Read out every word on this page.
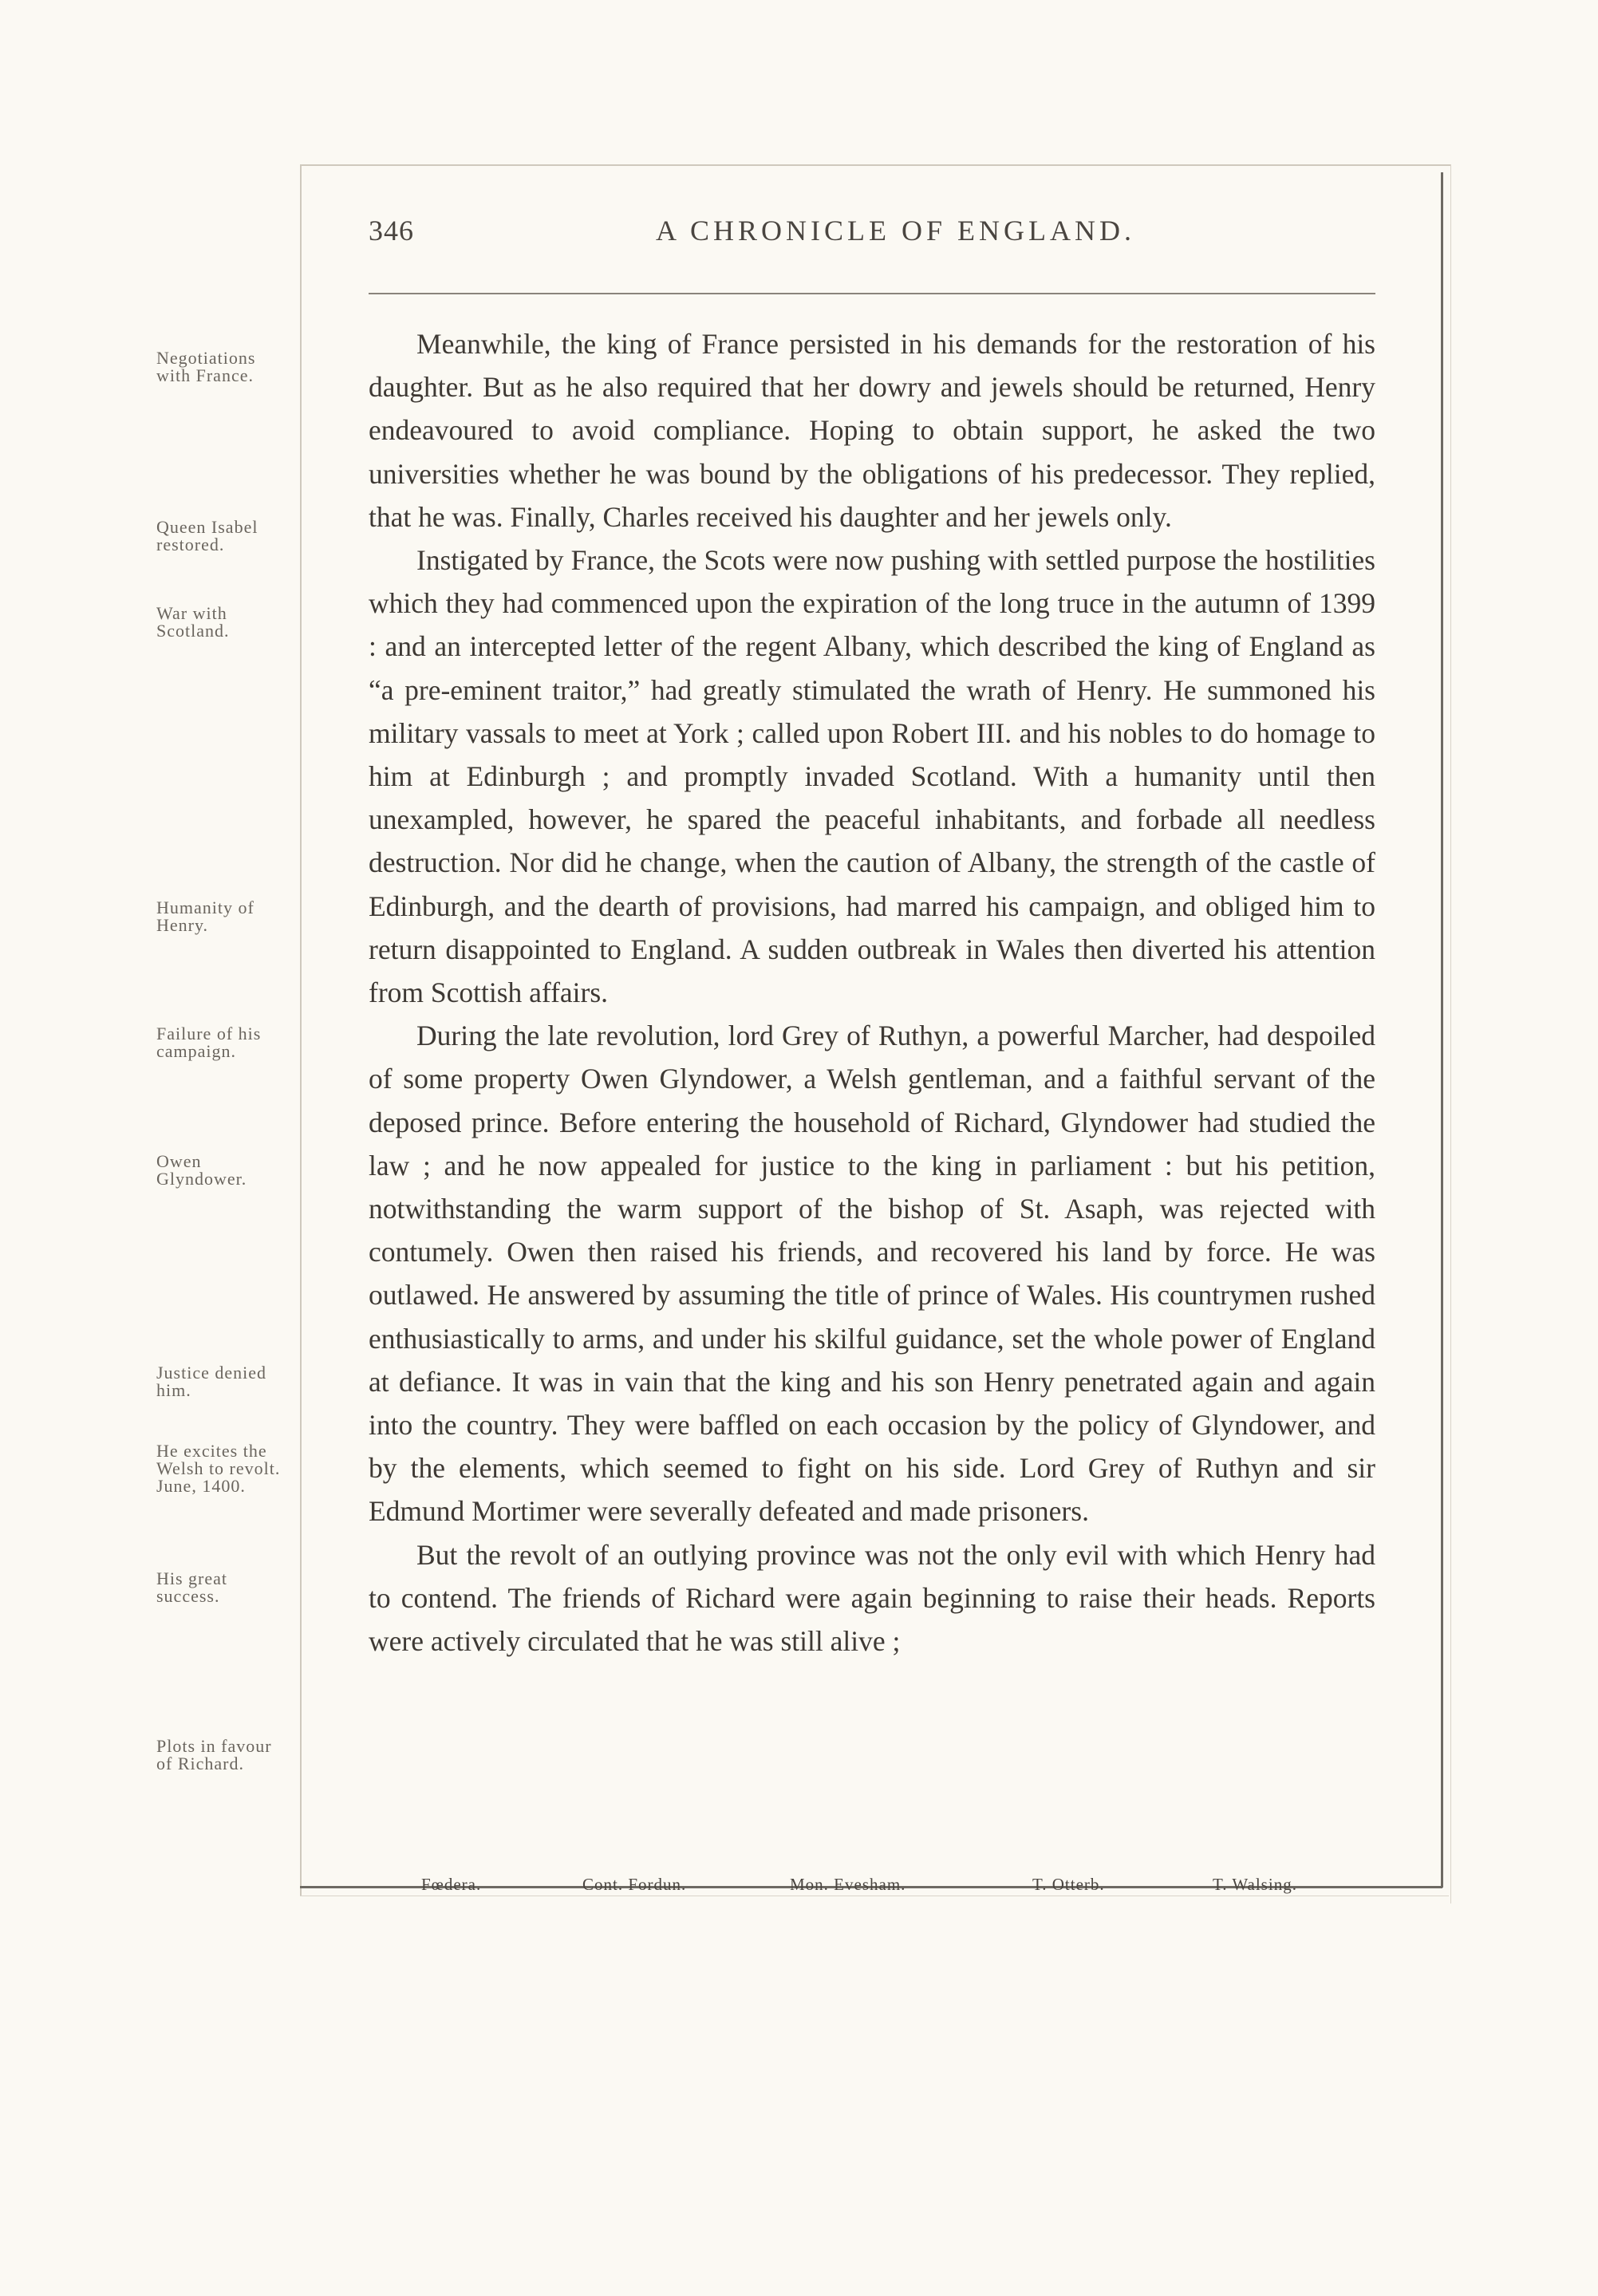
346	A CHRONICLE OF ENGLAND.
Negotiations with France.
Queen Isabel restored.
War with Scotland.
Humanity of Henry.
Failure of his campaign.
Owen Glyndower.
Justice denied him.
He excites the Welsh to revolt. June, 1400.
His great success.
Plots in favour of Richard.

Meanwhile, the king of France persisted in his demands for the restoration of his daughter. But as he also required that her dowry and jewels should be returned, Henry endeavoured to avoid compliance. Hoping to obtain support, he asked the two universities whether he was bound by the obligations of his predecessor. They replied, that he was. Finally, Charles received his daughter and her jewels only.

Instigated by France, the Scots were now pushing with settled purpose the hostilities which they had commenced upon the expiration of the long truce in the autumn of 1399 : and an intercepted letter of the regent Albany, which described the king of England as “a pre-eminent traitor,” had greatly stimulated the wrath of Henry. He summoned his military vassals to meet at York ; called upon Robert III. and his nobles to do homage to him at Edinburgh ; and promptly invaded Scotland. With a humanity until then unexampled, however, he spared the peaceful inhabitants, and forbade all needless destruction. Nor did he change, when the caution of Albany, the strength of the castle of Edinburgh, and the dearth of provisions, had marred his campaign, and obliged him to return disappointed to England. A sudden outbreak in Wales then diverted his attention from Scottish affairs.

During the late revolution, lord Grey of Ruthyn, a powerful Marcher, had despoiled of some property Owen Glyndower, a Welsh gentleman, and a faithful servant of the deposed prince. Before entering the household of Richard, Glyndower had studied the law ; and he now appealed for justice to the king in parliament : but his petition, notwithstanding the warm support of the bishop of St. Asaph, was rejected with contumely. Owen then raised his friends, and recovered his land by force. He was outlawed. He answered by assuming the title of prince of Wales. His countrymen rushed enthusiastically to arms, and under his skilful guidance, set the whole power of England at defiance. It was in vain that the king and his son Henry penetrated again and again into the country. They were baffled on each occasion by the policy of Glyndower, and by the elements, which seemed to fight on his side. Lord Grey of Ruthyn and sir Edmund Mortimer were severally defeated and made prisoners.

But the revolt of an outlying province was not the only evil with which Henry had to contend. The friends of Richard were again beginning to raise their heads. Reports were actively circulated that he was still alive ;

Fœdera.	Cont. Fordun.	Mon. Evesham.	T. Otterb.	T. Walsing.
